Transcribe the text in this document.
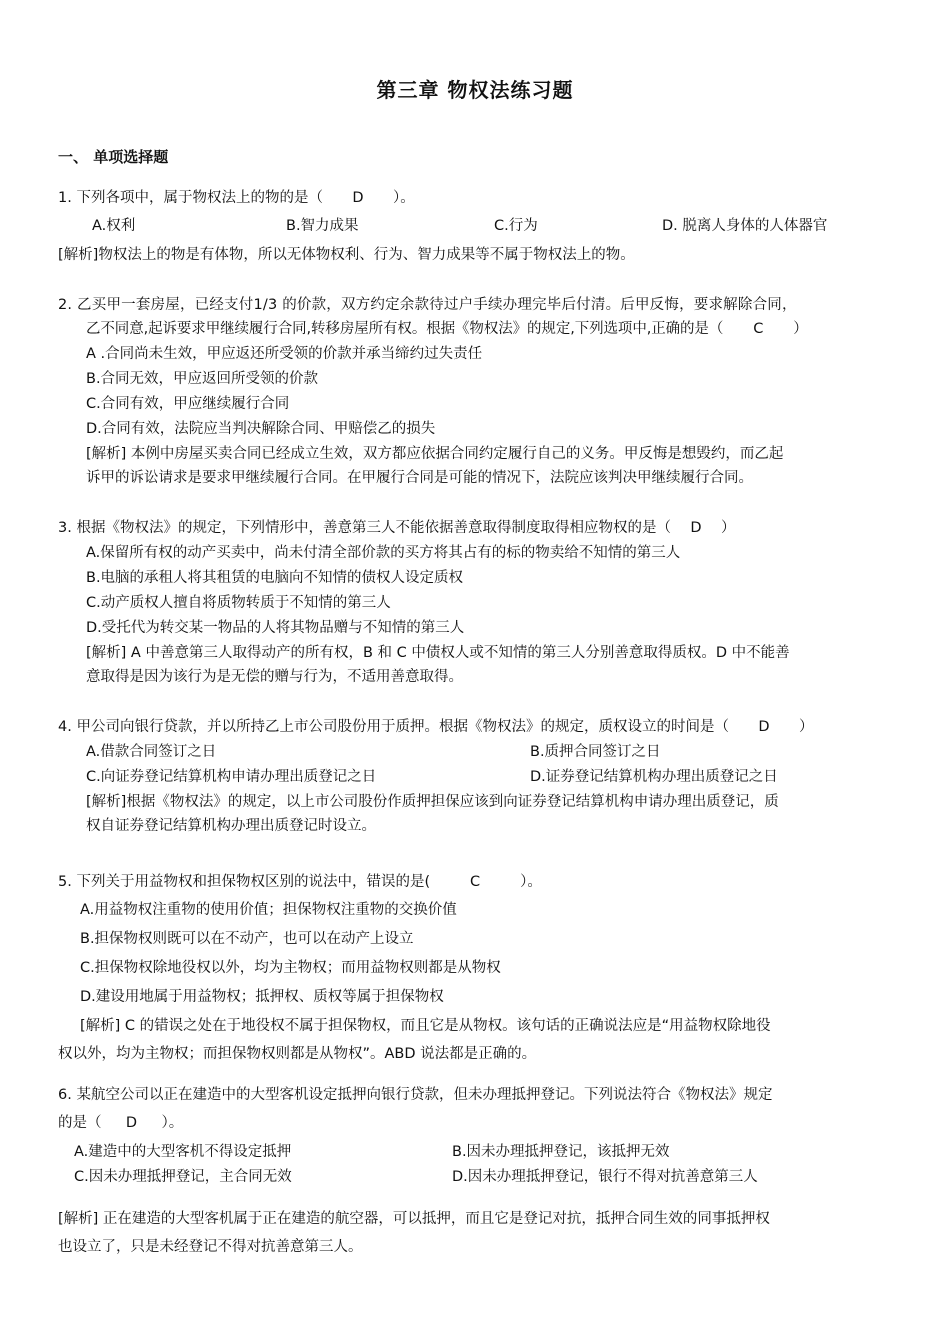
第三章 物权法练习题
一、 单项选择题
1. 下列各项中，属于物权法上的物的是（ D ）。
A.权利	B.智力成果	C.行为	D. 脱离人身体的人体器官
[解析]物权法上的物是有体物，所以无体物权利、行为、智力成果等不属于物权法上的物。
2. 乙买甲一套房屋，已经支付1/3 的价款，双方约定余款待过户手续办理完毕后付清。后甲反悔，要求解除合同，
乙不同意,起诉要求甲继续履行合同,转移房屋所有权。根据《物权法》的规定,下列选项中,正确的是（ C ）
A .合同尚未生效，甲应返还所受领的价款并承当缔约过失责任
B.合同无效，甲应返回所受领的价款
C.合同有效，甲应继续履行合同
D.合同有效，法院应当判决解除合同、甲赔偿乙的损失
[解析] 本例中房屋买卖合同已经成立生效，双方都应依据合同约定履行自己的义务。甲反悔是想毁约，而乙起
诉甲的诉讼请求是要求甲继续履行合同。在甲履行合同是可能的情况下，法院应该判决甲继续履行合同。
3. 根据《物权法》的规定，下列情形中，善意第三人不能依据善意取得制度取得相应物权的是（ D ）
A.保留所有权的动产买卖中，尚未付清全部价款的买方将其占有的标的物卖给不知情的第三人
B.电脑的承租人将其租赁的电脑向不知情的债权人设定质权
C.动产质权人擅自将质物转质于不知情的第三人
D.受托代为转交某一物品的人将其物品赠与不知情的第三人
[解析] A 中善意第三人取得动产的所有权，B 和 C 中债权人或不知情的第三人分别善意取得质权。D 中不能善
意取得是因为该行为是无偿的赠与行为，不适用善意取得。
4. 甲公司向银行贷款，并以所持乙上市公司股份用于质押。根据《物权法》的规定，质权设立的时间是（ D ）
A.借款合同签订之日	B.质押合同签订之日
C.向证券登记结算机构申请办理出质登记之日	D.证券登记结算机构办理出质登记之日
[解析]根据《物权法》的规定，以上市公司股份作质押担保应该到向证券登记结算机构申请办理出质登记，质
权自证券登记结算机构办理出质登记时设立。
5. 下列关于用益物权和担保物权区别的说法中，错误的是(	C	）。
A.用益物权注重物的使用价值；担保物权注重物的交换价值
B.担保物权则既可以在不动产，也可以在动产上设立
C.担保物权除地役权以外，均为主物权；而用益物权则都是从物权
D.建设用地属于用益物权；抵押权、质权等属于担保物权
[解析] C 的错误之处在于地役权不属于担保物权，而且它是从物权。该句话的正确说法应是“用益物权除地役
权以外，均为主物权；而担保物权则都是从物权”。ABD 说法都是正确的。
6. 某航空公司以正在建造中的大型客机设定抵押向银行贷款，但未办理抵押登记。下列说法符合《物权法》规定
的是（ D ）。
A.建造中的大型客机不得设定抵押	B.因未办理抵押登记，该抵押无效
C.因未办理抵押登记，主合同无效	D.因未办理抵押登记，银行不得对抗善意第三人
[解析] 正在建造的大型客机属于正在建造的航空器，可以抵押，而且它是登记对抗，抵押合同生效的同事抵押权
也设立了，只是未经登记不得对抗善意第三人。
